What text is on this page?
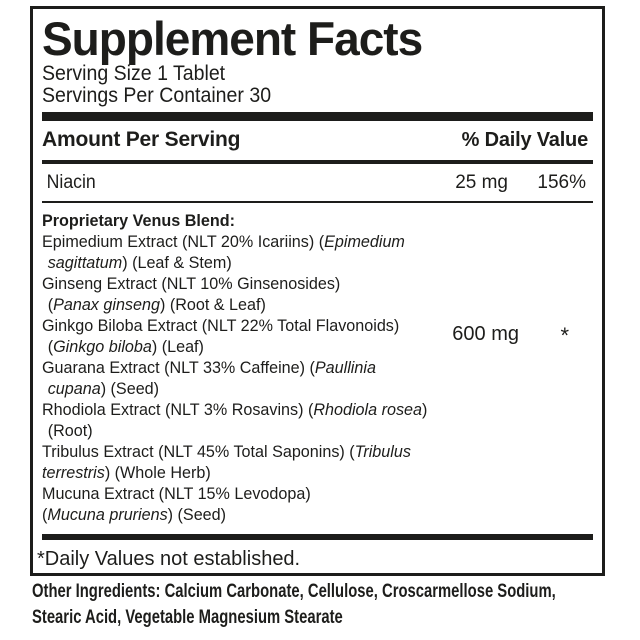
Supplement Facts
Serving Size 1 Tablet
Servings Per Container 30
Amount Per Serving	% Daily Value
Niacin	25 mg	156%
Proprietary Venus Blend:
Epimedium Extract (NLT 20% Icariins) (Epimedium
sagittatum) (Leaf & Stem)
Ginseng Extract (NLT 10% Ginsenosides)
(Panax ginseng) (Root & Leaf)
Ginkgo Biloba Extract (NLT 22% Total Flavonoids)
(Ginkgo biloba) (Leaf)
Guarana Extract (NLT 33% Caffeine) (Paullinia
cupana) (Seed)
Rhodiola Extract (NLT 3% Rosavins) (Rhodiola rosea)
(Root)
Tribulus Extract (NLT 45% Total Saponins) (Tribulus
terrestris) (Whole Herb)
Mucuna Extract (NLT 15% Levodopa)
(Mucuna pruriens) (Seed)
600 mg *
*Daily Values not established.
Other Ingredients: Calcium Carbonate, Cellulose, Croscarmellose Sodium,
Stearic Acid, Vegetable Magnesium Stearate
